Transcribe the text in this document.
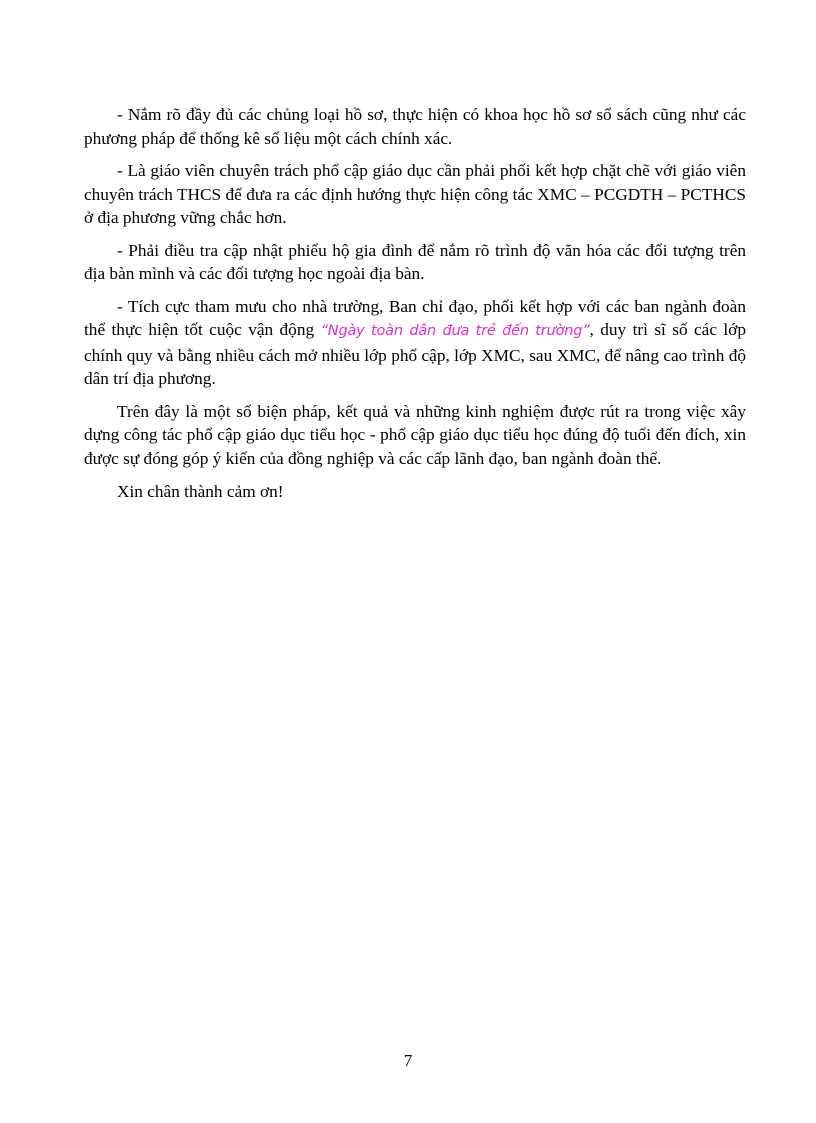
- Nắm rõ đầy đủ các chủng loại hồ sơ, thực hiện có khoa học hồ sơ sổ sách cũng như các phương pháp để thống kê số liệu một cách chính xác.

- Là giáo viên chuyên trách phổ cập giáo dục cần phải phối kết hợp chặt chẽ với giáo viên chuyên trách THCS để đưa ra các định hướng thực hiện công tác XMC – PCGDTH – PCTHCS ở địa phương vững chắc hơn.

- Phải điều tra cập nhật phiếu hộ gia đình để nắm rõ trình độ văn hóa các đối tượng trên địa bàn mình và các đối tượng học ngoài địa bàn.

- Tích cực tham mưu cho nhà trường, Ban chỉ đạo, phối kết hợp với các ban ngành đoàn thể thực hiện tốt cuộc vận động “Ngày toàn dân đưa trẻ đến trường”, duy trì sĩ số các lớp chính quy và bằng nhiều cách mở nhiều lớp phổ cập, lớp XMC, sau XMC, để nâng cao trình độ dân trí địa phương.

Trên đây là một số biện pháp, kết quả và những kinh nghiệm được rút ra trong việc xây dựng công tác phổ cập giáo dục tiểu học - phổ cập giáo dục tiểu học đúng độ tuổi đến đích, xin được sự đóng góp ý kiến của đồng nghiệp và các cấp lãnh đạo, ban ngành đoàn thể.

Xin chân thành cảm ơn!

7
